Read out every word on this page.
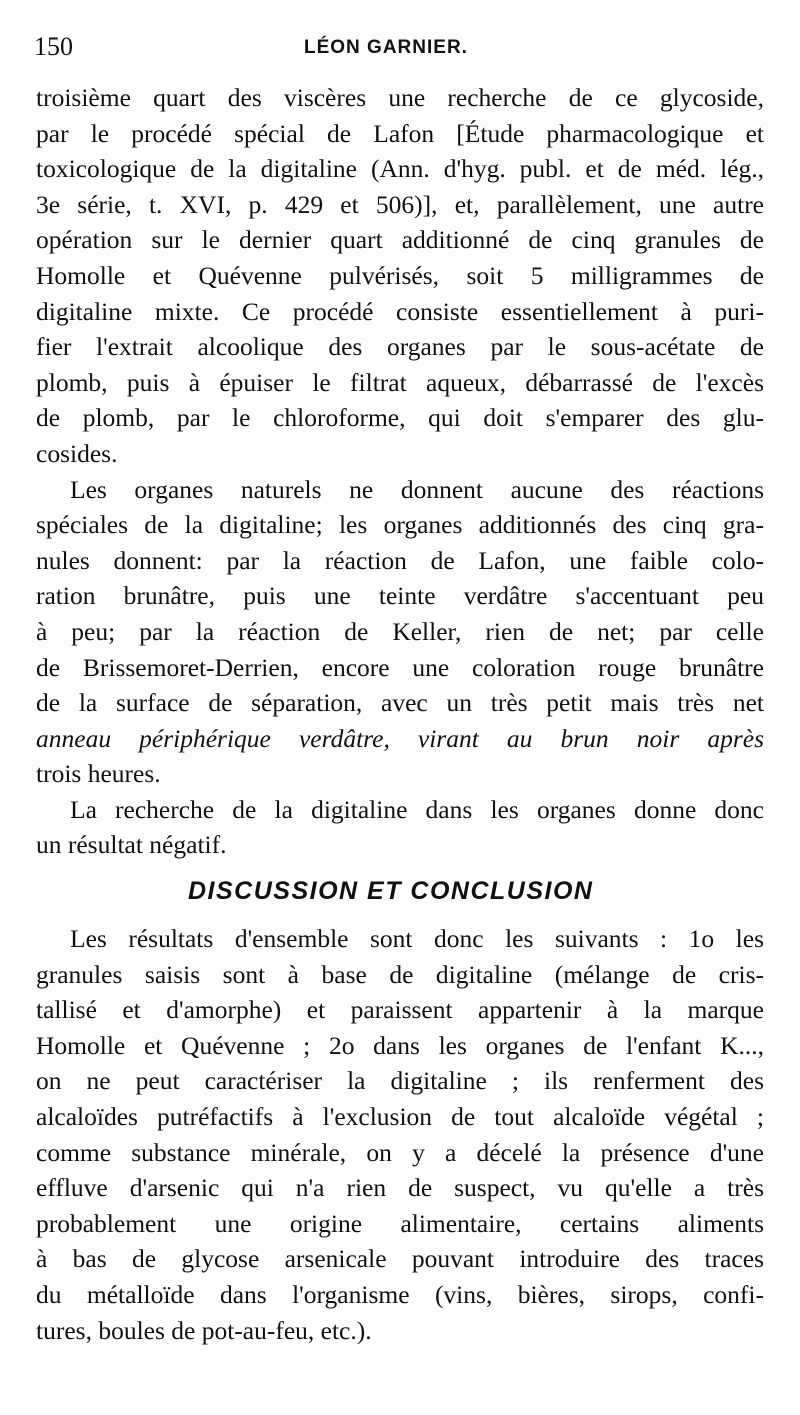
150	LÉON GARNIER.
troisième quart des viscères une recherche de ce glycoside,
par le procédé spécial de Lafon [Étude pharmacologique et
toxicologique de la digitaline (Ann. d'hyg. publ. et de méd. lég.,
3e série, t. XVI, p. 429 et 506)], et, parallèlement, une autre
opération sur le dernier quart additionné de cinq granules de
Homolle et Quévenne pulvérisés, soit 5 milligrammes de
digitaline mixte. Ce procédé consiste essentiellement à puri-
fier l'extrait alcoolique des organes par le sous-acétate de
plomb, puis à épuiser le filtrat aqueux, débarrassé de l'excès
de plomb, par le chloroforme, qui doit s'emparer des glu-
cosides.
Les organes naturels ne donnent aucune des réactions
spéciales de la digitaline; les organes additionnés des cinq gra-
nules donnent: par la réaction de Lafon, une faible colo-
ration brunâtre, puis une teinte verdâtre s'accentuant peu
à peu; par la réaction de Keller, rien de net; par celle
de Brissemoret-Derrien, encore une coloration rouge brunâtre
de la surface de séparation, avec un très petit mais très net
anneau périphérique verdâtre, virant au brun noir après
trois heures.
La recherche de la digitaline dans les organes donne donc
un résultat négatif.
DISCUSSION ET CONCLUSION
Les résultats d'ensemble sont donc les suivants : 1o les
granules saisis sont à base de digitaline (mélange de cris-
tallisé et d'amorphe) et paraissent appartenir à la marque
Homolle et Quévenne ; 2o dans les organes de l'enfant K...,
on ne peut caractériser la digitaline ; ils renferment des
alcaloïdes putréfactifs à l'exclusion de tout alcaloïde végétal ;
comme substance minérale, on y a décelé la présence d'une
effluve d'arsenic qui n'a rien de suspect, vu qu'elle a très
probablement une origine alimentaire, certains aliments
à bas de glycose arsenicale pouvant introduire des traces
du métalloïde dans l'organisme (vins, bières, sirops, confi-
tures, boules de pot-au-feu, etc.).
